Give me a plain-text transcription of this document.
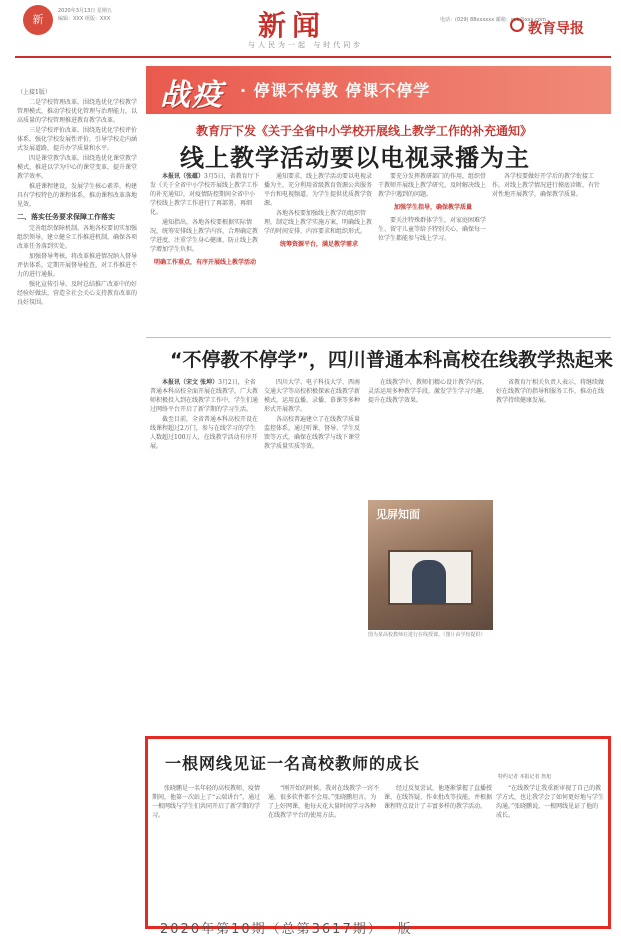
新
2020年3月13日 星期五
编辑：XXX 组版：XXX	新闻
与人民为一起 与时代同步
电话：(029) 88xxxxxx 邮箱：gzb@xxx.com
教育导报

（上接1版）

二是学校管理改革。围绕选优化学校教学管理模式，推动学校优化管理与治理能力，以高质量的学校管理推进教育教学改革。

三是学校评价改革。围绕选优化学校评价体系，强化学校发展性评价，引导学校走内涵式发展道路，提升办学质量和水平。

四是课堂教学改革。围绕选优化课堂教学模式，推进以学为中心的课堂变革，提升课堂教学效率。

推进课程建设，发展学生核心素养，构建具有学校特色的课程体系，推动课程改革落地见效。

二、落实任务要求保障工作落实

完善组织保障机制。各地各校要切实加强组织领导，建立健全工作推进机制，确保各项改革任务落到实处。

加强督导考核。将改革推进情况纳入督导评估体系，定期开展督导检查，对工作推进不力的进行通报。

强化宣传引导。及时总结推广改革中的好经验好做法，营造全社会关心支持教育改革的良好氛围。

战疫 · 停课不停教 停课不停学
教育厅下发《关于全省中小学校开展线上教学工作的补充通知》
线上教学活动要以电视录播为主

本报讯（张蕴）3月5日，省教育厅下发《关于全省中小学校开展线上教学工作的补充通知》，对疫情防控期间全省中小学校线上教学工作进行了再部署、再细化。

通知指出，各地各校要根据实际情况，统筹安排线上教学内容，合理确定教学进度，注重学生身心健康，防止线上教学增加学生负担。

明确工作重点，有序开展线上教学活动

通知要求，线上教学活动要以电视录播为主，充分利用省级教育资源公共服务平台和电视频道，为学生提供优质教学资源。

各地各校要加强线上教学的组织管理，制定线上教学实施方案，明确线上教学的时间安排、内容要求和组织形式。

统筹资源平台，满足教学需求

要充分发挥教研部门的作用，组织骨干教师开展线上教学研究，及时解决线上教学中遇到的问题。

加强学生指导，确保教学质量

要关注特殊群体学生，对家庭困难学生、留守儿童等给予特别关心，确保每一位学生都能参与线上学习。

各学校要做好开学后的教学衔接工作，对线上教学情况进行摸底诊断，有针对性地开展教学，确保教学质量。

“不停教不停学”，四川普通本科高校在线教学热起来

本报讯（宋文 张坤）3月2日，全省普通本科高校全面开展在线教学，广大教师积极投入到在线教学工作中，学生们通过网络平台开启了新学期的学习生活。

截至目前，全省普通本科高校开设在线课程超过2万门，参与在线学习的学生人数超过100万人，在线教学活动有序开展。

四川大学、电子科技大学、西南交通大学等高校积极探索在线教学新模式，运用直播、录播、慕课等多种形式开展教学。

各高校普遍建立了在线教学质量监控体系，通过听课、督导、学生反馈等方式，确保在线教学与线下课堂教学质量实质等效。

在线教学中，教师们精心设计教学内容，灵活运用多种教学手段，激发学生学习兴趣，提升在线教学效果。

省教育厅相关负责人表示，将继续做好在线教学的指导和服务工作，推动在线教学持续健康发展。

见屏知面
图为某高校教师在进行在线授课。（图片由学校提供）
一根网线见证一名高校教师的成长
特约记者 本报记者 詹旭

张晓鹏是一名年轻的高校教师，疫情期间，他第一次站上了“云端讲台”，通过一根网线与学生们共同开启了新学期的学习。

“刚开始的时候，我对在线教学一窍不通，很多软件都不会用。”张晓鹏坦言。为了上好网课，他每天花大量时间学习各种在线教学平台的使用方法。

经过反复尝试，他逐渐掌握了直播授课、在线答疑、作业批改等技能，并根据课程特点设计了丰富多样的教学活动。

“在线教学让我重新审视了自己的教学方式，也让我学会了如何更好地与学生沟通。”张晓鹏说，一根网线见证了他的成长。

2020年第10期（总第3617期）一版
